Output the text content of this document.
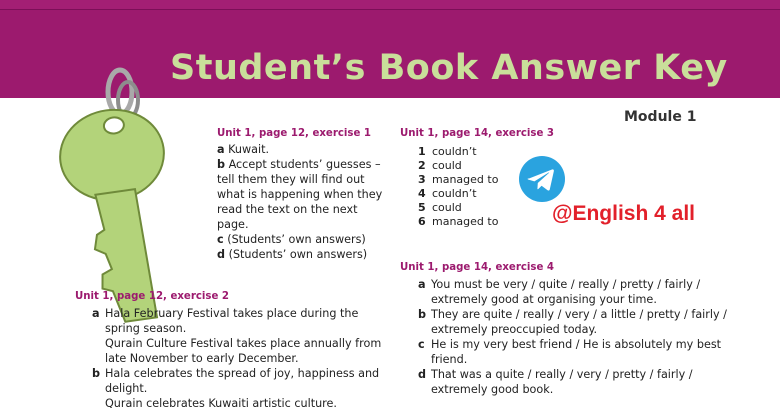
Student’s Book Answer Key
Module 1
Unit 1, page 12, exercise 1
a Kuwait.
b Accept students’ guesses – tell them they will find out what is happening when they read the text on the next page.
c (Students’ own answers)
d (Students’ own answers)
Unit 1, page 14, exercise 3
1 couldn’t
2 could
3 managed to
4 couldn’t
5 could
6 managed to	@English 4 all
Unit 1, page 14, exercise 4
a You must be very / quite / really / pretty / fairly / extremely good at organising your time.
b They are quite / really / very / a little / pretty / fairly / extremely preoccupied today.
c He is my very best friend / He is absolutely my best friend.
d That was a quite / really / very / pretty / fairly / extremely good book.
Unit 1, page 12, exercise 2
a Hala February Festival takes place during the spring season.
Qurain Culture Festival takes place annually from late November to early December.
b Hala celebrates the spread of joy, happiness and delight.
Qurain celebrates Kuwaiti artistic culture.
